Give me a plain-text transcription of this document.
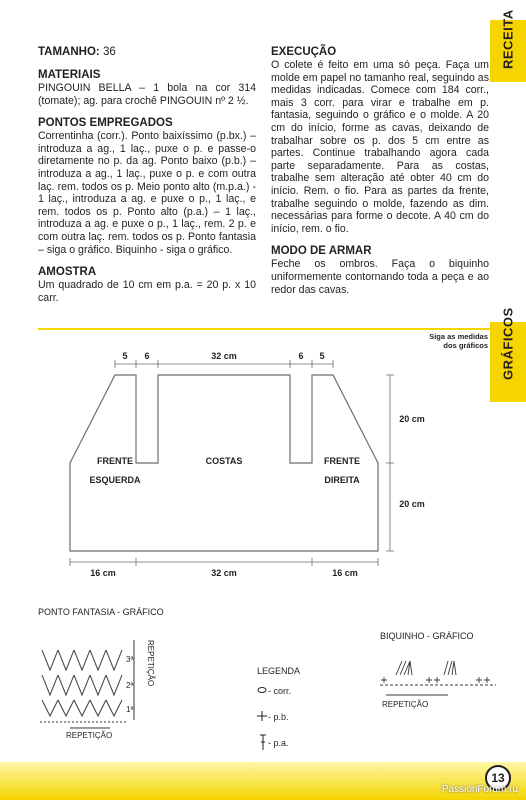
RECEITA
GRÁFICOS
TAMANHO: 36
MATERIAIS

PINGOUIN BELLA – 1 bola na cor 314 (tomate); ag. para crochê PINGOUIN nº 2 ½.

PONTOS EMPREGADOS

Correntinha (corr.). Ponto baixíssimo (p.bx.) – introduza a ag., 1 laç., puxe o p. e passe-o diretamente no p. da ag. Ponto baixo (p.b.) – introduza a ag., 1 laç., puxe o p. e com outra laç. rem. todos os p. Meio ponto alto (m.p.a.) - 1 laç., introduza a ag. e puxe o p., 1 laç., e rem. todos os p. Ponto alto (p.a.) – 1 laç., introduza a ag. e puxe o p., 1 laç., rem. 2 p. e com outra laç. rem. todos os p. Ponto fantasia – siga o gráfico. Biquinho - siga o gráfico.

AMOSTRA

Um quadrado de 10 cm em p.a. = 20 p. x 10 carr.

EXECUÇÃO

O colete é feito em uma só peça. Faça um molde em papel no tamanho real, seguindo as medidas indicadas. Comece com 184 corr., mais 3 corr. para virar e trabalhe em p. fantasia, seguindo o gráfico e o molde. A 20 cm do início, forme as cavas, deixando de trabalhar sobre os p. dos 5 cm entre as partes. Continue trabalhando agora cada parte separadamente. Para as costas, trabalhe sem alteração até obter 40 cm do início. Rem. o fio. Para as partes da frente, trabalhe seguindo o molde, fazendo as dim. necessárias para forme o decote. A 40 cm do início, rem. o fio.

MODO DE ARMAR

Feche os ombros. Faça o biquinho uniformemente contornando toda a peça e ao redor das cavas.

Siga as medidas
dos gráficos
5 6	32 cm	6 5
16 cm	32 cm	16 cm
20 cm
20 cm
FRENTE
ESQUERDA
COSTAS	FRENTE
DIREITA
PONTO FANTASIA - GRÁFICO
3ª
2ª
1ª
REPETIÇÃO
REPETIÇÃO	LEGENDA
- corr.
- p.b.
- p.a.
BIQUINHO - GRÁFICO
REPETIÇÃO
13
PassionForum.ru
